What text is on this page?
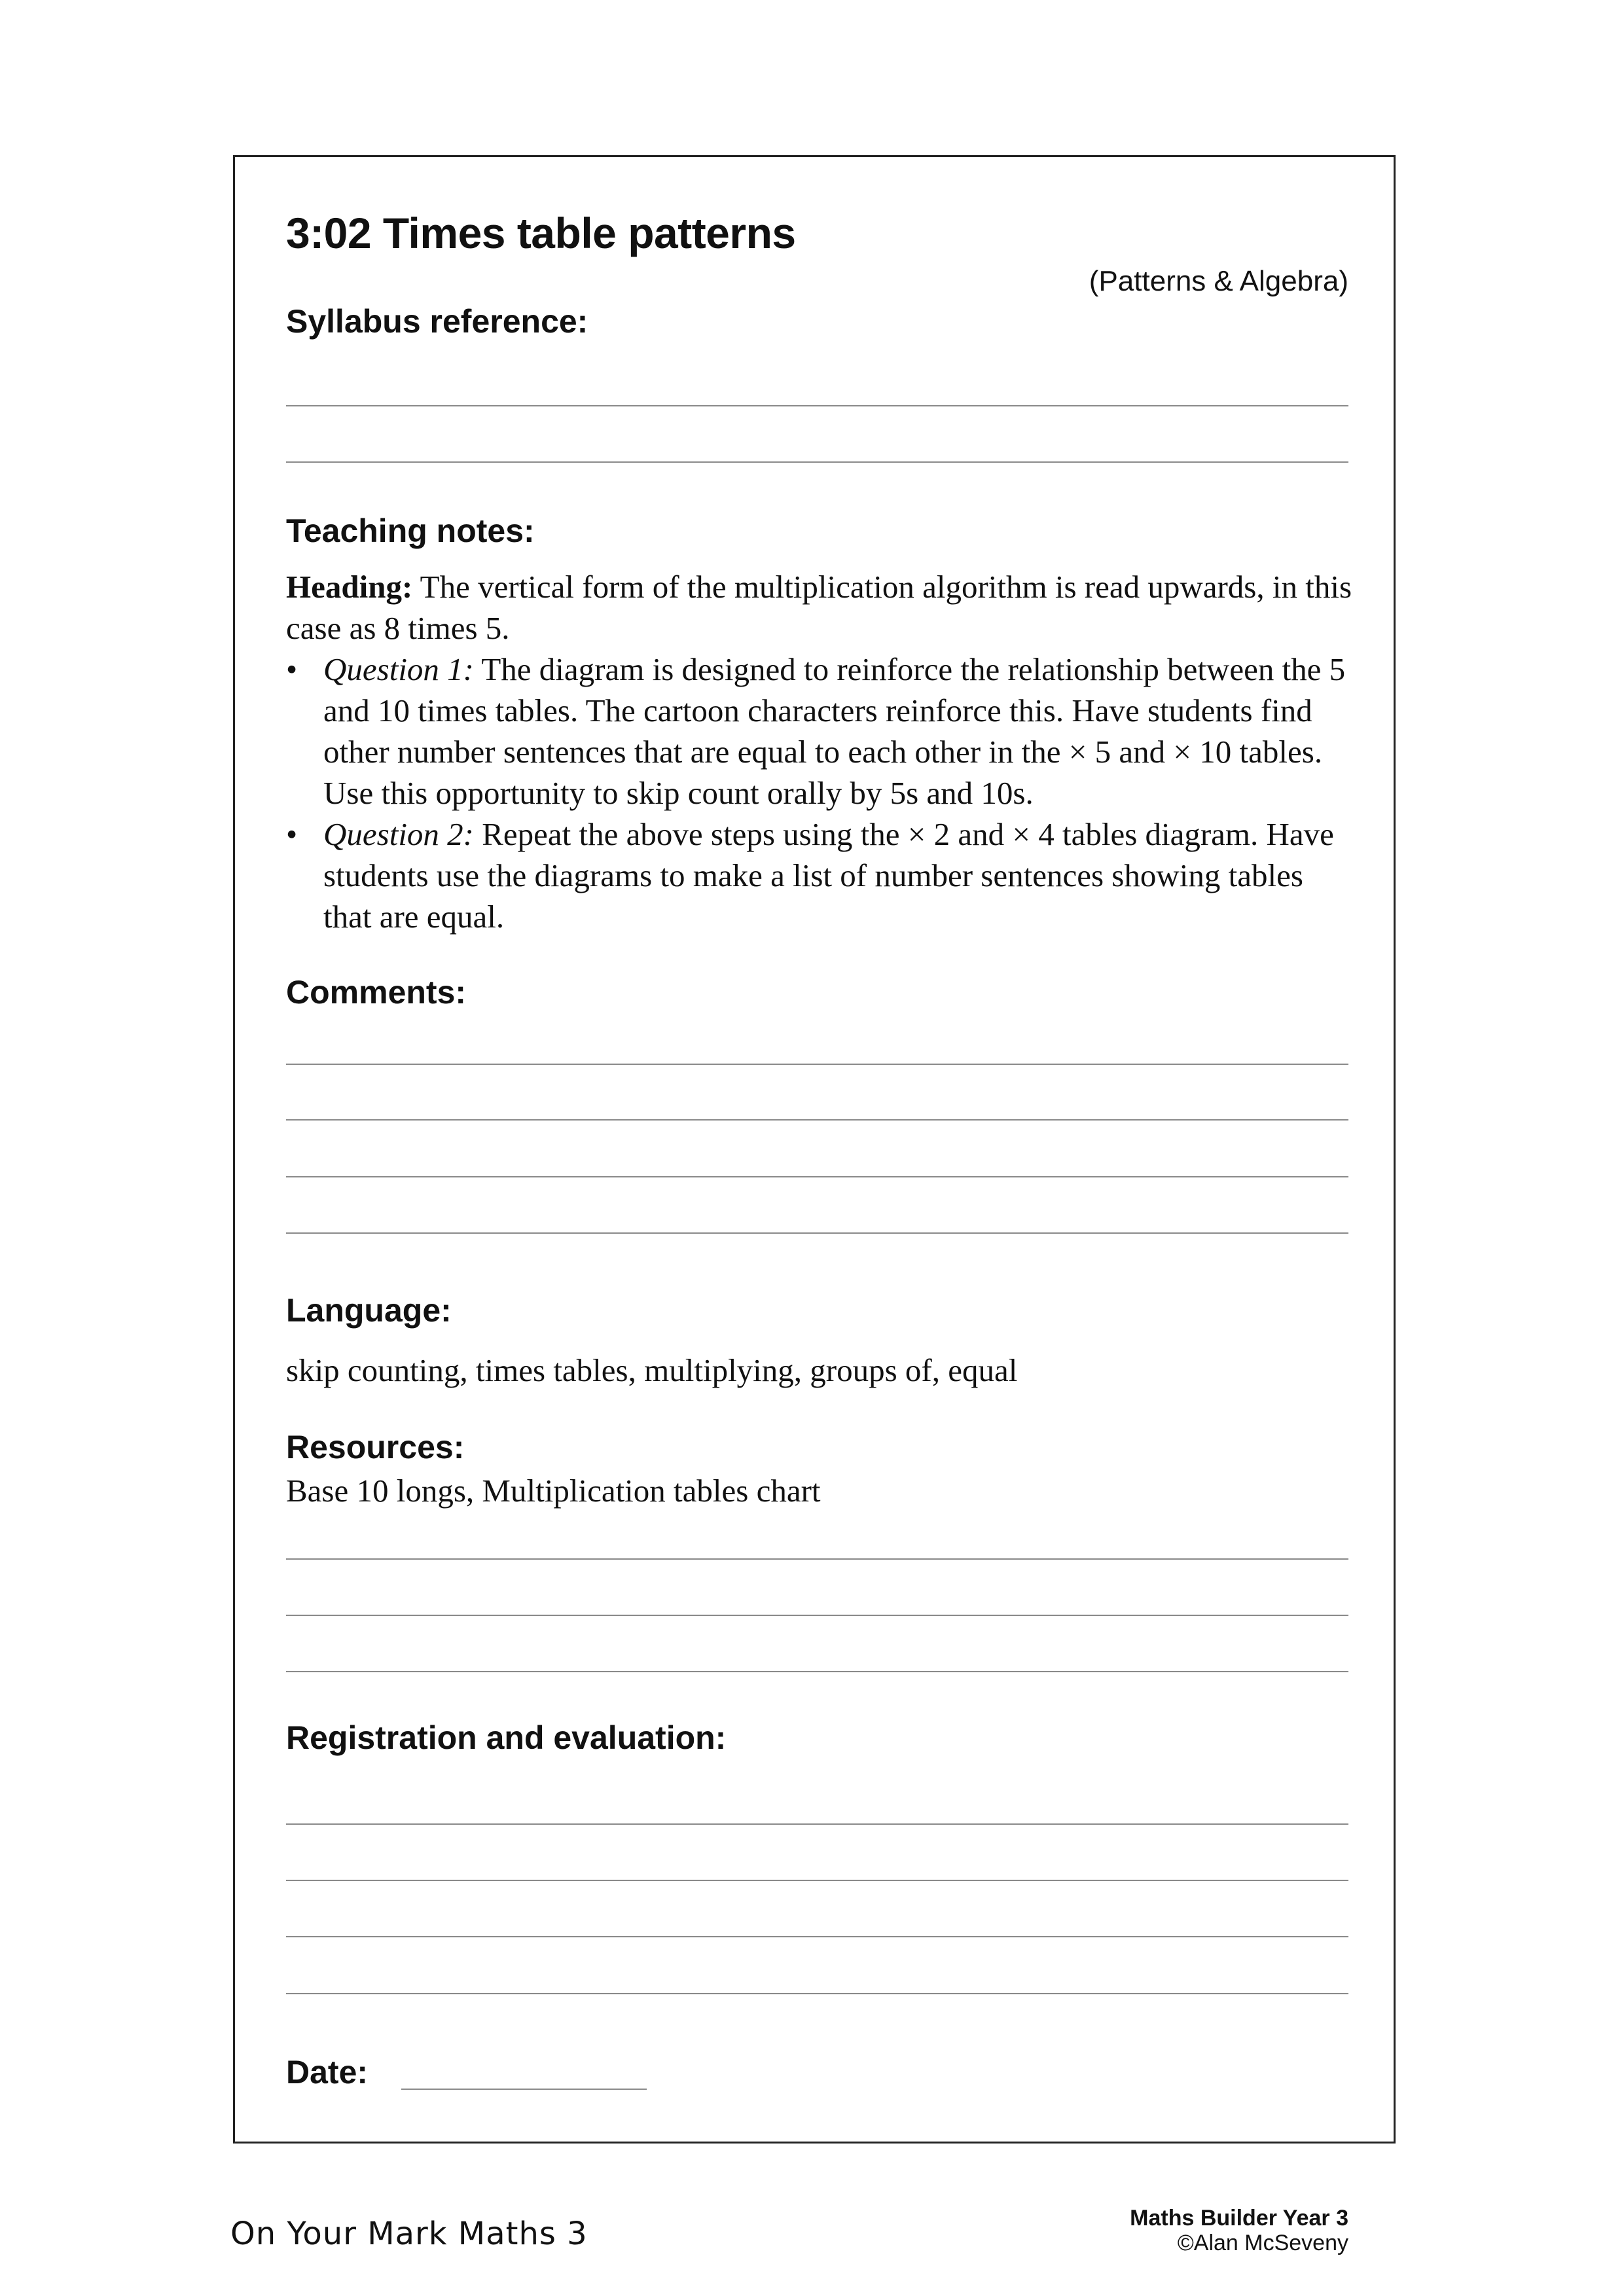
3:02 Times table patterns
(Patterns & Algebra)
Syllabus reference:
Teaching notes:

Heading: The vertical form of the multiplication algorithm is read upwards, in this case as 8 times 5.

• Question 1: The diagram is designed to reinforce the relationship between the 5 and 10 times tables. The cartoon characters reinforce this. Have students find other number sentences that are equal to each other in the × 5 and × 10 tables. Use this opportunity to skip count orally by 5s and 10s.

• Question 2: Repeat the above steps using the × 2 and × 4 tables diagram. Have students use the diagrams to make a list of number sentences showing tables that are equal.

Comments:
Language:
skip counting, times tables, multiplying, groups of, equal
Resources:
Base 10 longs, Multiplication tables chart
Registration and evaluation:
Date:
On Your Mark Maths 3	Maths Builder Year 3
©Alan McSeveny
